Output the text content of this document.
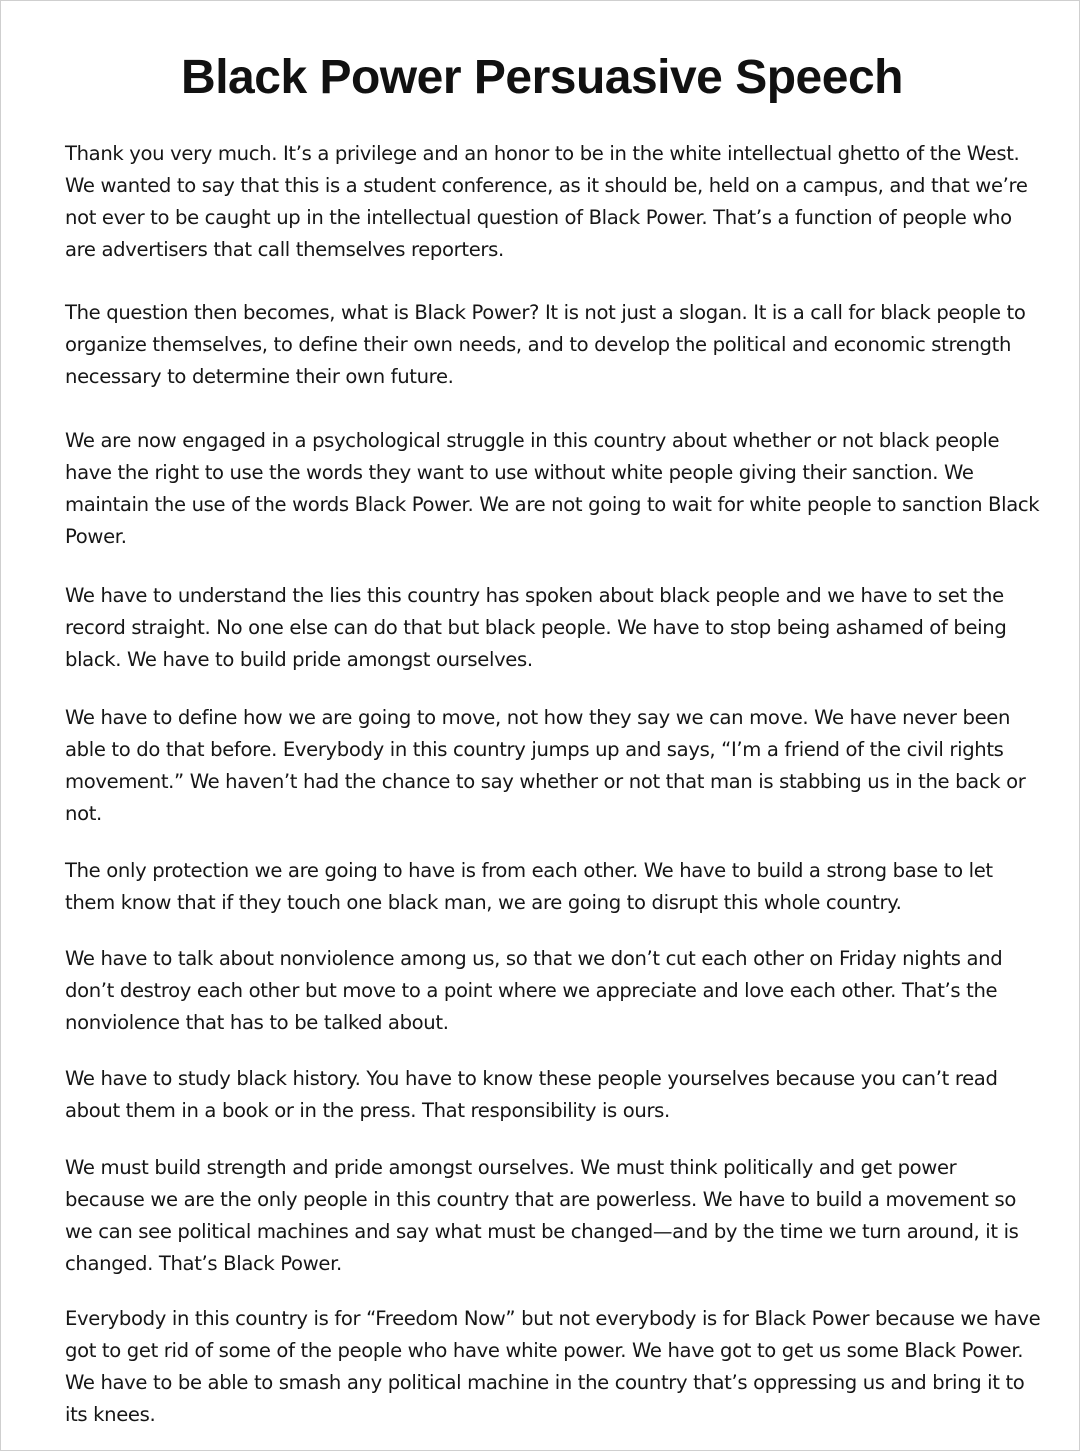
Black Power Persuasive Speech

Thank you very much. It’s a privilege and an honor to be in the white intellectual ghetto of the West. We wanted to say that this is a student conference, as it should be, held on a campus, and that we’re not ever to be caught up in the intellectual question of Black Power. That’s a function of people who are advertisers that call themselves reporters.

The question then becomes, what is Black Power? It is not just a slogan. It is a call for black people to organize themselves, to define their own needs, and to develop the political and economic strength necessary to determine their own future.

We are now engaged in a psychological struggle in this country about whether or not black people have the right to use the words they want to use without white people giving their sanction. We maintain the use of the words Black Power. We are not going to wait for white people to sanction Black Power.

We have to understand the lies this country has spoken about black people and we have to set the record straight. No one else can do that but black people. We have to stop being ashamed of being black. We have to build pride amongst ourselves.

We have to define how we are going to move, not how they say we can move. We have never been able to do that before. Everybody in this country jumps up and says, “I’m a friend of the civil rights movement.” We haven’t had the chance to say whether or not that man is stabbing us in the back or not.

The only protection we are going to have is from each other. We have to build a strong base to let them know that if they touch one black man, we are going to disrupt this whole country.

We have to talk about nonviolence among us, so that we don’t cut each other on Friday nights and don’t destroy each other but move to a point where we appreciate and love each other. That’s the nonviolence that has to be talked about.

We have to study black history. You have to know these people yourselves because you can’t read about them in a book or in the press. That responsibility is ours.

We must build strength and pride amongst ourselves. We must think politically and get power because we are the only people in this country that are powerless. We have to build a movement so we can see political machines and say what must be changed—and by the time we turn around, it is changed. That’s Black Power.

Everybody in this country is for “Freedom Now” but not everybody is for Black Power because we have got to get rid of some of the people who have white power. We have got to get us some Black Power. We have to be able to smash any political machine in the country that’s oppressing us and bring it to its knees.
